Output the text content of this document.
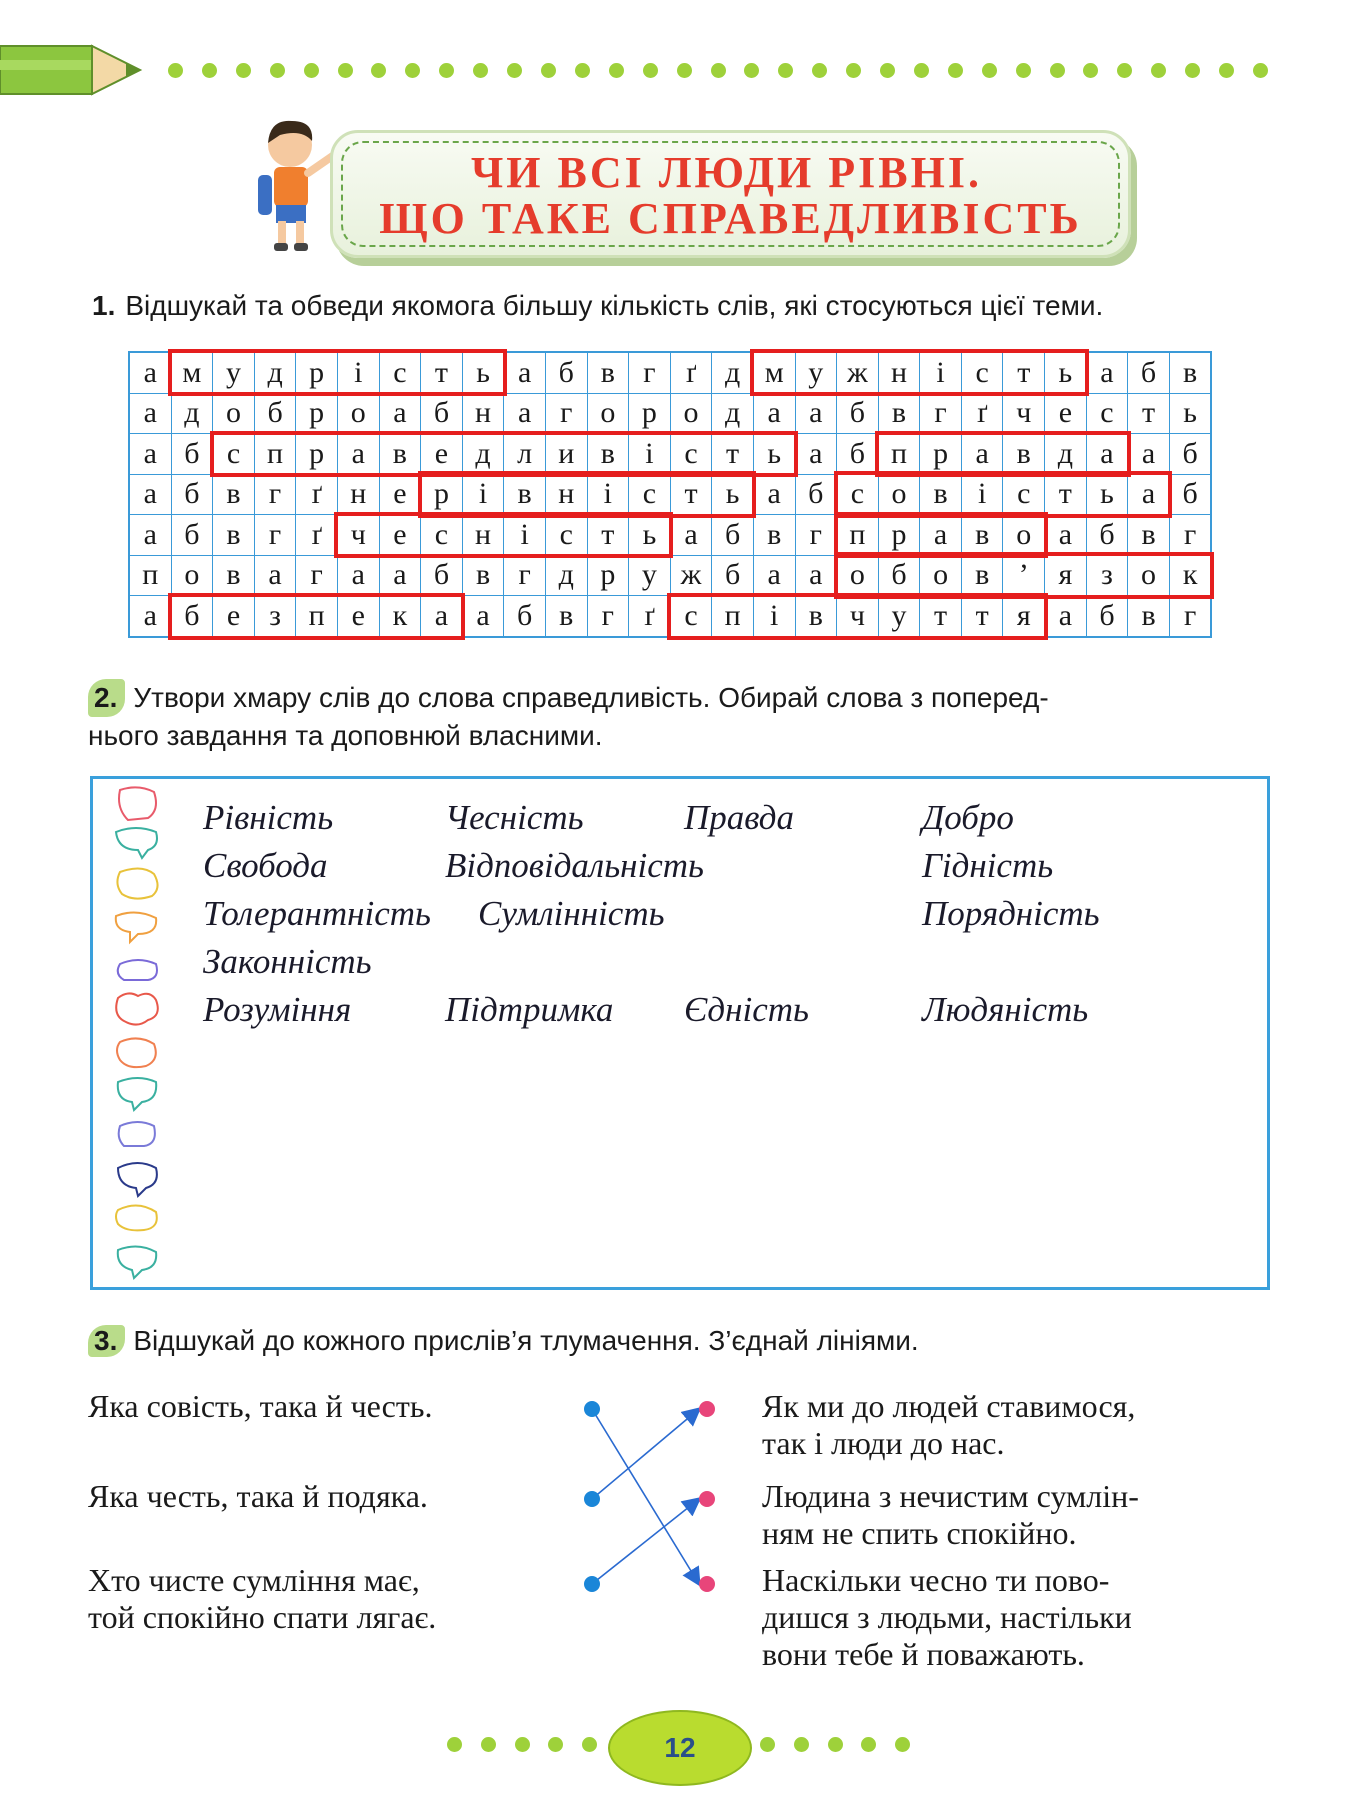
ЧИ ВСІ ЛЮДИ РІВНІ.
ЩО ТАКЕ СПРАВЕДЛИВІСТЬ
1. Відшукай та обведи якомога більшу кількість слів, які стосуються цієї теми.
а	м	у	д	р	і	с	т	ь	а	б	в	г	ґ	д	м	у	ж	н	і	с	т	ь	а	б	в
а	д	о	б	р	о	а	б	н	а	г	о	р	о	д	а	а	б	в	г	ґ	ч	е	с	т	ь
а	б	с	п	р	а	в	е	д	л	и	в	і	с	т	ь	а	б	п	р	а	в	д	а	а	б
а	б	в	г	ґ	н	е	р	і	в	н	і	с	т	ь	а	б	с	о	в	і	с	т	ь	а	б
а	б	в	г	ґ	ч	е	с	н	і	с	т	ь	а	б	в	г	п	р	а	в	о	а	б	в	г
п	о	в	а	г	а	а	б	в	г	д	р	у	ж	б	а	а	о	б	о	в	’	я	з	о	к
а	б	е	з	п	е	к	а	а	б	в	г	ґ	с	п	і	в	ч	у	т	т	я	а	б	в	г
2. Утвори хмару слів до слова справедливість. Обирай слова з поперед-
нього завдання та доповнюй власними.
Рівність	Чесність	Правда	Добро
Свобода	Відповідальність	Гідність
Толерантність Сумлінність	Порядність
Законність
Розуміння	Підтримка Єдність	Людяність
3. Відшукай до кожного прислів’я тлумачення. З’єднай лініями.
Яка совість, така й честь.
Яка честь, така й подяка.
Хто чисте сумління має,
той спокійно спати лягає.
Як ми до людей ставимося,
так і люди до нас.
Людина з нечистим сумлін-
ням не спить спокійно.
Наскільки чесно ти пово-
дишся з людьми, настільки
вони тебе й поважають.
12
